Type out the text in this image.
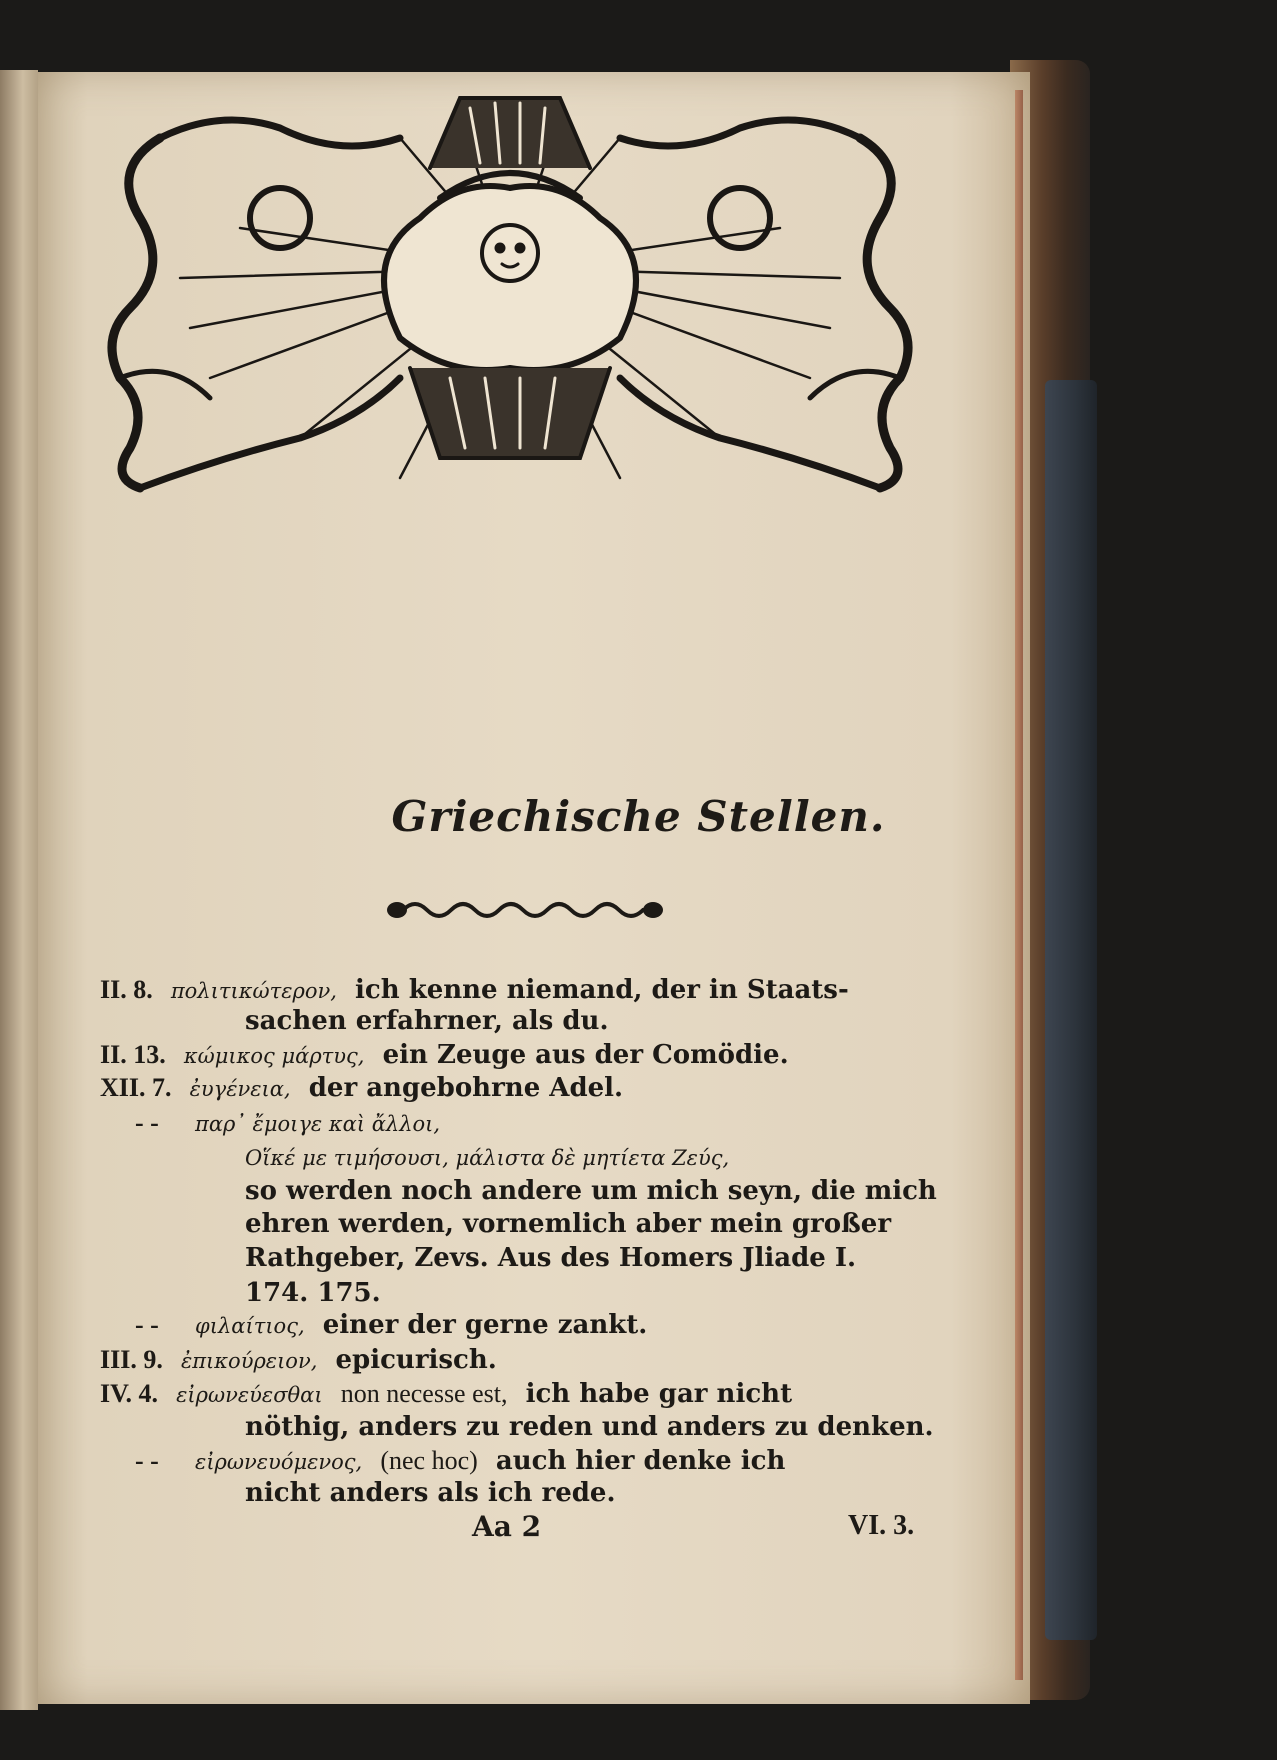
Griechische Stellen.
II. 8. πολιτικώτερον, ich kenne niemand, der in Staats-
sachen erfahrner, als du.
II. 13. κώμικος μάρτυς, ein Zeuge aus der Comödie.
XII. 7. ἐυγένεια, der angebohrne Adel.
- - παρ᾽ ἔμοιγε καὶ ἄλλοι,
Οἵκέ με τιμήσουσι, μάλιστα δὲ μητίετα Ζεύς,
so werden noch andere um mich seyn, die mich
ehren werden, vornemlich aber mein großer
Rathgeber, Zevs. Aus des Homers Jliade I.
174. 175.
- - φιλαίτιος, einer der gerne zankt.
III. 9. ἐπικούρειον, epicurisch.
IV. 4. εἰρωνεύεσθαι non necesse est, ich habe gar nicht
nöthig, anders zu reden und anders zu denken.
- - εἰρωνευόμενος, (nec hoc) auch hier denke ich
nicht anders als ich rede.
Aa 2	VI. 3.
